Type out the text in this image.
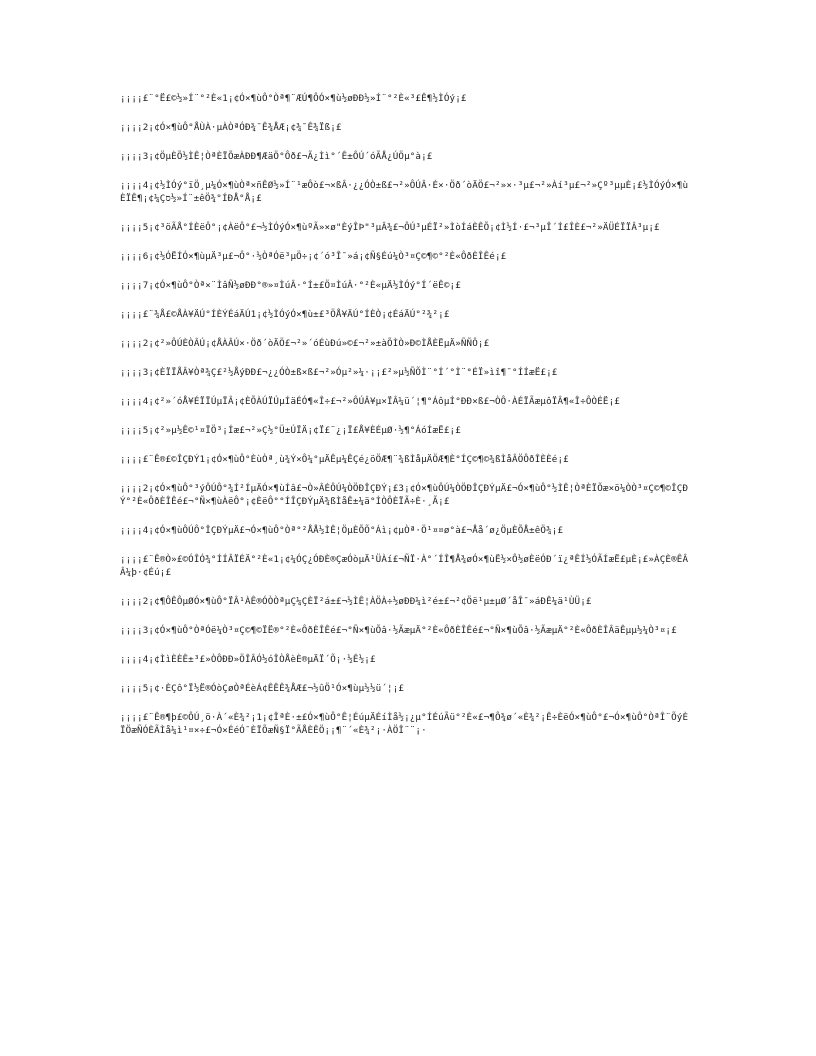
¡¡¡¡£¨°Ë£©½»Í¨°²È«1¡¢Ó×¶ùÔ°Òª¶¨ÆÚ¶ÔÓ×¶ù½øÐÐ½»Í¨°²È«³£Ê¶½ÌÓý¡£

¡¡¡¡2¡¢Ó×¶ùÔ°ÅÙÀ·µÀÒªÓÐ¾¯Ê¾ÅÆ¡¢¾¯Ê¾Ïß¡£

¡¡¡¡3¡¢ÖµÈÕ½ÌÊ¦ÒªÈÏÕæÀÐÐ¶ÆäÖ°Ôð£¬Ã¿Ìì°´Ê±ÔÚ´óÃÅ¿ÚÖµ°à¡£

¡¡¡¡4¡¢½ÌÓý°ïÖ¸µ¼Ó×¶ùÒª×ñÊØ½»Í¨¹æÔò£¬×ßÂ·¿¿ÓÒ±ß£¬²»ÔÚÂ·É×·Öð´òÄÖ£¬²»×·³µ£¬²»Àí³µ£¬²»Çº³µµÈ¡£½ÌÓýÓ×¶ùÈÏÊ¶¡¢¼Çס½»Í¨±êÖ¾°ÍÐÅ°Å¡£

¡¡¡¡5¡¢³öÃÅ°ÍÈëÔ°¡¢ÀëÔ°£¬½ÌÓýÓ×¶ùºÃ»×ø"ÈýÎÞ"³µÂ¾£¬ÔÚ³µÉÏ²»ÌòÍáÈÊÕ¡¢Ì½Í·£¬³µÎ´Í£ÎÈ£¬²»ÄÜÉÏÏÂ³µ¡£

¡¡¡¡6¡¢½ÓËÍÓ×¶ùµÄ³µ£¬Ô°·½ÒªÓë³µÖ÷¡¢´ó³Î¯»á¡¢Ñ§Éú¼Ò³¤Ç©¶©°²È«ÔðÈÎÊé¡£

¡¡¡¡7¡¢Ó×¶ùÔ°Òª×¨ÌâÑ½øÐÐ°®»¤ÌúÂ·°Í±£Ö¤ÌúÂ·°²È«µÄ½ÌÓý°Í´ëÊ©¡£

¡¡¡¡£¨¾Å£©ÅÀ¥ÄÚ°ÍÈÝÉáÄÚ1¡¢½ÌÓýÓ×¶ù±£³ÖÅ¥ÄÚ°ÍÈÒ¡¢ÉáÄÚ°²¾²¡£

¡¡¡¡2¡¢²»ÔÚÈÒÂÚ¡¢ÅÀÂÚ×·Öð´òÄÖ£¬²»´óÉùÐú»©£¬²»±àÕÌÒ»Ð©ÌÅÈËµÄ»ÑÑÔ¡£

¡¡¡¡3¡¢ÈÏÏÅÂ¥Òª¾Ç£²½ÅýÐÐ£¬¿¿ÓÒ±ß×ß£¬²»Óµ²»¼·¡¡£²»µ½ÑÕÌ¨°Í´°Ì¨°ÉÏ»ìî¶¯°ÍÍæË£¡£

¡¡¡¡4¡¢²»´óÅ¥ÉÏÏÚµÏÂ¡¢ÈÕÀÚÏÚµÍäÉÓ¶«Î÷£¬²»ÔÚÂ¥µ×ÏÂ¼ü´¦¶°ÁôµÍ°ÐÐ×ß£¬ÒÔ·ÀÉÏÃæµôÏÂ¶«Î÷ÔÒÉË¡£

¡¡¡¡5¡¢²»µ½Ê©¹¤ÏÖ³¡Íæ£¬²»Ç½°Ü±ÚÏÄ¡¢Ï£¨¿¡Ï£Å¥ÈÉµØ·½¶°ÁóÍæË£¡£

¡¡¡¡£¨Ê®£©ÎÇÐÝ1¡¢Ó×¶ùÔ°ÈùÒª¸ù¾Ý×Ô¼°µÄÊµ¼ÊÇé¿öÖÆ¶¨¾ßÌåµÄÖÆ¶È°ÍÇ©¶©¾ßÌåÂÖÔðÎÈÈé¡£

¡¡¡¡2¡¢Ó×¶ùÔ°³ýÔÚÔ°¾Í²ÍµÄÓ×¶ùÍâ£¬Ò»ÂÉÔÚ¼ÒÖÐÎÇÐÝ¡£3¡¢Ó×¶ùÔÚ¼ÒÖÐÎÇÐÝµÄ£¬Ó×¶ùÔ°½ÌÊ¦ÒªÈÏÕæ×ö¼ÒÒ³¤Ç©¶©ÎÇÐÝ°²È«ÔðÈÎÊé£¬°Ñ×¶ùÀëÔ°¡¢ÈëÔ°°ÍÎÇÐÝµÄ¾ßÌåÊ±¼ä°ÍÒÔÈÏÃ÷È·¸Ã¡£

¡¡¡¡4¡¢Ó×¶ùÔÚÔ°ÎÇÐÝµÄ£¬Ó×¶ùÔ°Òª°²ÅÅ½ÌÊ¦ÖµÈÕÕ°Áì¡¢µÒª·Ö¹¤¤ø°à£¬Åå´ø¿ÖµÈÕÅ±êÖ¾¡£

¡¡¡¡£¨Ê®Ò»£©ÓÎÓ¾°ÍÍÂÏÉÄ°²È«1¡¢¼ÓÇ¿ÓÐÈ®ÇæÓòµÄ¹ÜÀí£¬ÑÏ·À°´ÍÎ¶Å¾øÓ×¶ùË½×Ô½øÈëÓÐ´ï¿ªÊÍ½ÓÃÍæË£µÈ¡£»ÀÇÈ®ÊÂÂ¼þ·¢Éú¡£

¡¡¡¡2¡¢¶ÔÊÔµØÓ×¶ùÔ°ÏÂ¹ÀÊ®ÓÒÒªµÇ¼ÇÈÏ²á±£¬½ÌÊ¦ÀÖÀ÷½øÐÐ¼ì²é±£¬²¢Öë¹µ±µØ´åÎ¯»áÐÊ¼ä¹ÙÜ¡£

¡¡¡¡3¡¢Ó×¶ùÔ°ÒªÓë¼Ò³¤Ç©¶©ÏË®°²È«ÔðÈÎÊé£¬°Ñ×¶ùÕâ·½ÃæµÄ°²È«ÔðÈÎÊé£¬°Ñ×¶ùÕâ·½ÃæµÄ°²È«ÔðÈÎÂäÊµµ½¼Ò³¤¡£

¡¡¡¡4¡¢ÌìÈÈÊ±³£»ÒÔÐÐ»ÖÎÂÓ½óÎÒÅèÈ®µÄÏ´Õ¡·½Ê½¡£

¡¡¡¡5¡¢·ÈÇô°Ï½Ë®ÓòÇøÒªÉèÁ¢ÊÊÊ¾ÅÆ£¬½ûÖ¹Ó×¶ùµ½½ü´¦¡£

¡¡¡¡£¨Ê®¶þ£©ÔÚ¸ö·À´«È¾²¡1¡¢ÎªÈ·±£Ó×¶ùÔ°Ê¦ÉúµÄÉíÌå½¡¿µ°ÍÉúÃü°²È«£¬¶Ô¾ø´«È¾²¡Ê÷ÈëÓ×¶ùÔ°£¬Ó×¶ùÔ°ÒªÎ¨ÕýÈÏÖæÑÓÈÃÌå¼ì¹¤×÷£¬Ó×ÉéÓ¯ÈÏÕæÑ§Ï°ÃÅÈÊÖ¡¡¶¨´«È¾²¡·ÀÖÎ¨¨¡·
